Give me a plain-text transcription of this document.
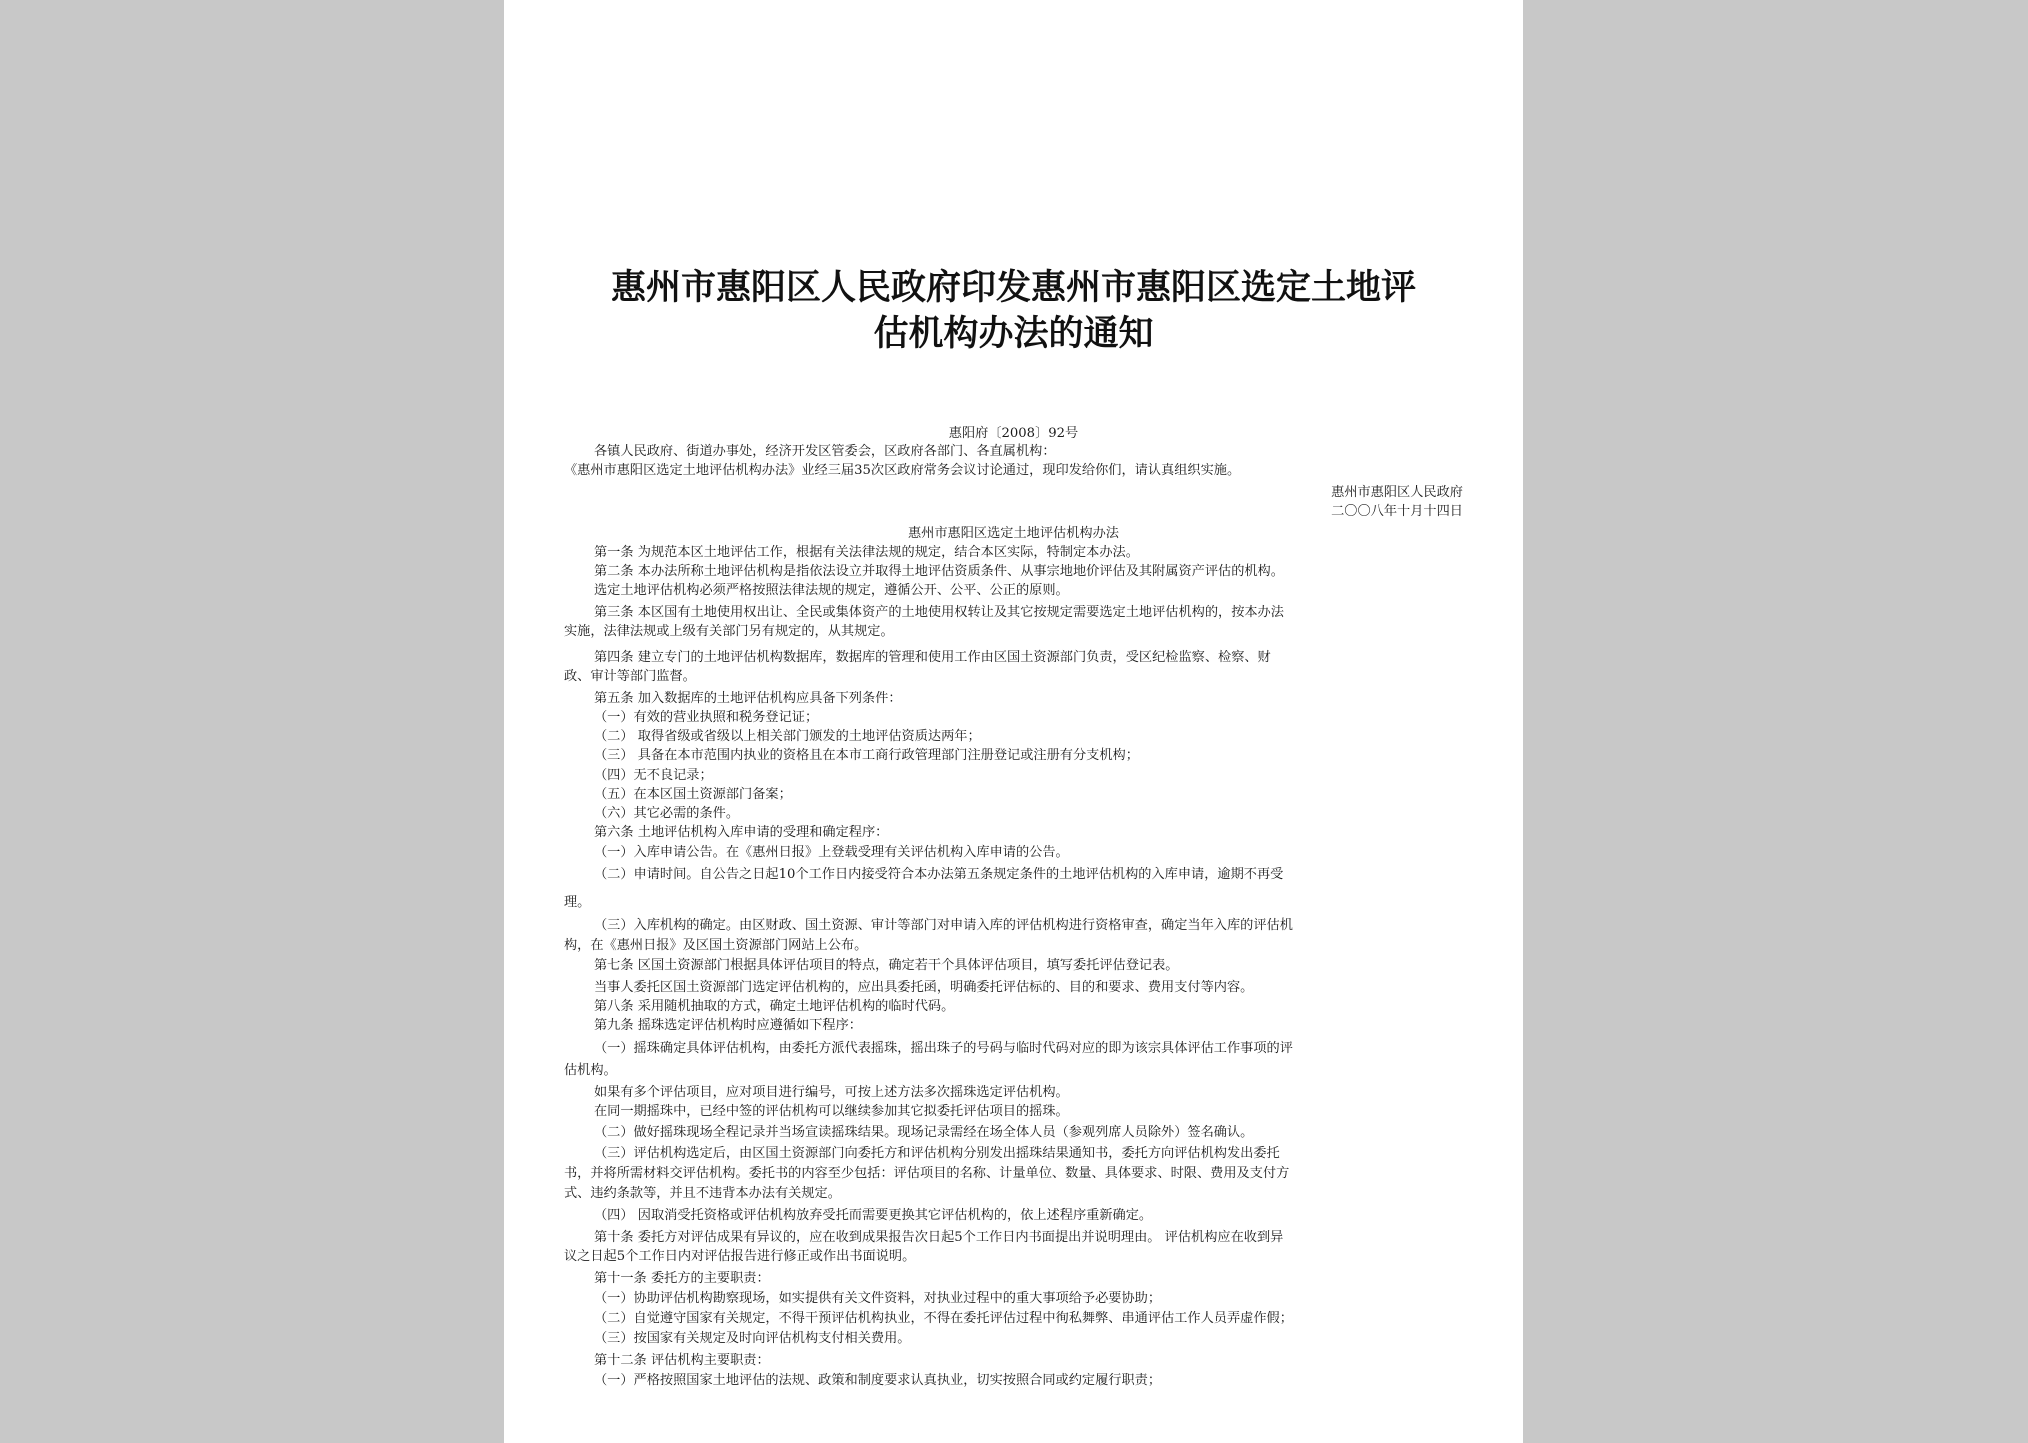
惠州市惠阳区人民政府印发惠州市惠阳区选定土地评
估机构办法的通知
惠阳府〔2008〕92号
各镇人民政府、街道办事处，经济开发区管委会，区政府各部门、各直属机构：
《惠州市惠阳区选定土地评估机构办法》业经三届35次区政府常务会议讨论通过，现印发给你们，请认真组织实施。
惠州市惠阳区人民政府
二〇〇八年十月十四日
惠州市惠阳区选定土地评估机构办法
第一条 为规范本区土地评估工作，根据有关法律法规的规定，结合本区实际，特制定本办法。
第二条 本办法所称土地评估机构是指依法设立并取得土地评估资质条件、从事宗地地价评估及其附属资产评估的机构。
选定土地评估机构必须严格按照法律法规的规定，遵循公开、公平、公正的原则。
第三条 本区国有土地使用权出让、全民或集体资产的土地使用权转让及其它按规定需要选定土地评估机构的，按本办法
实施，法律法规或上级有关部门另有规定的，从其规定。
第四条 建立专门的土地评估机构数据库，数据库的管理和使用工作由区国土资源部门负责，受区纪检监察、检察、财
政、审计等部门监督。
第五条 加入数据库的土地评估机构应具备下列条件：
（一）有效的营业执照和税务登记证；
（二） 取得省级或省级以上相关部门颁发的土地评估资质达两年；
（三） 具备在本市范围内执业的资格且在本市工商行政管理部门注册登记或注册有分支机构；
（四）无不良记录；
（五）在本区国土资源部门备案；
（六）其它必需的条件。
第六条 土地评估机构入库申请的受理和确定程序：
（一）入库申请公告。在《惠州日报》上登载受理有关评估机构入库申请的公告。
（二）申请时间。自公告之日起10个工作日内接受符合本办法第五条规定条件的土地评估机构的入库申请，逾期不再受
理。
（三）入库机构的确定。由区财政、国土资源、审计等部门对申请入库的评估机构进行资格审查，确定当年入库的评估机
构，在《惠州日报》及区国土资源部门网站上公布。
第七条 区国土资源部门根据具体评估项目的特点，确定若干个具体评估项目，填写委托评估登记表。
当事人委托区国土资源部门选定评估机构的，应出具委托函，明确委托评估标的、目的和要求、费用支付等内容。
第八条 采用随机抽取的方式，确定土地评估机构的临时代码。
第九条 摇珠选定评估机构时应遵循如下程序：
（一）摇珠确定具体评估机构，由委托方派代表摇珠，摇出珠子的号码与临时代码对应的即为该宗具体评估工作事项的评
估机构。
如果有多个评估项目，应对项目进行编号，可按上述方法多次摇珠选定评估机构。
在同一期摇珠中，已经中签的评估机构可以继续参加其它拟委托评估项目的摇珠。
（二）做好摇珠现场全程记录并当场宣读摇珠结果。现场记录需经在场全体人员（参观列席人员除外）签名确认。
（三）评估机构选定后，由区国土资源部门向委托方和评估机构分别发出摇珠结果通知书，委托方向评估机构发出委托
书，并将所需材料交评估机构。委托书的内容至少包括：评估项目的名称、计量单位、数量、具体要求、时限、费用及支付方
式、违约条款等，并且不违背本办法有关规定。
（四） 因取消受托资格或评估机构放弃受托而需要更换其它评估机构的，依上述程序重新确定。
第十条 委托方对评估成果有异议的，应在收到成果报告次日起5个工作日内书面提出并说明理由。 评估机构应在收到异
议之日起5个工作日内对评估报告进行修正或作出书面说明。
第十一条 委托方的主要职责：
（一）协助评估机构勘察现场，如实提供有关文件资料，对执业过程中的重大事项给予必要协助；
（二）自觉遵守国家有关规定，不得干预评估机构执业，不得在委托评估过程中徇私舞弊、串通评估工作人员弄虚作假；
（三）按国家有关规定及时向评估机构支付相关费用。
第十二条 评估机构主要职责：
（一）严格按照国家土地评估的法规、政策和制度要求认真执业，切实按照合同或约定履行职责；
